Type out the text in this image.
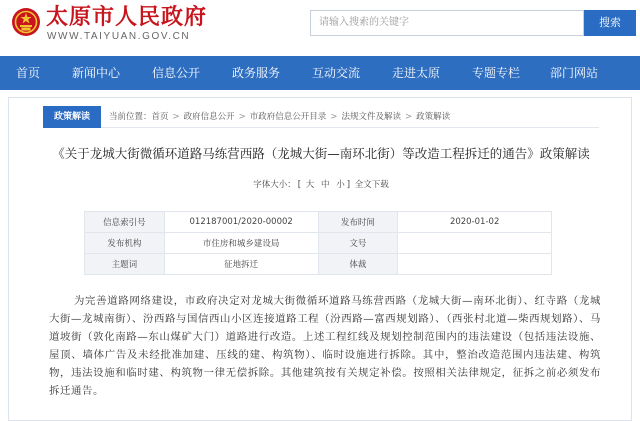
太原市人民政府
WWW.TAIYUAN.GOV.CN
请输入搜索的关键字	搜索
首页	新闻中心	信息公开	政务服务	互动交流	走进太原	专题专栏 部门网站
政策解读	当前位置：首页 > 政府信息公开 > 市政府信息公开目录 > 法规文件及解读 > 政策解读
《关于龙城大街微循环道路马练营西路（龙城大街—南环北街）等改造工程拆迁的通告》政策解读
字体大小： [ 大 中 小 ] 全文下载
信息索引号	012187001/2020-00002	发布时间	2020-01-02
发布机构	市住房和城乡建设局	文号	
主题词	征地拆迁	体裁	
为完善道路网络建设，市政府决定对龙城大街微循环道路马练营西路（龙城大街—南环北街）、红寺路（龙城大街—龙城南街）、汾西路与国信西山小区连接道路工程（汾西路—富西规划路）、（西张村北道—柴西规划路）、马道坡街（敦化南路—东山煤矿大门）道路进行改造。上述工程红线及规划控制范围内的违法建设（包括违法设施、屋顶、墙体广告及未经批准加建、压线的建、构筑物）、临时设施进行拆除。其中，整治改造范围内违法建、构筑物，违法设施和临时建、构筑物一律无偿拆除。其他建筑按有关规定补偿。按照相关法律规定，征拆之前必须发布拆迁通告。
